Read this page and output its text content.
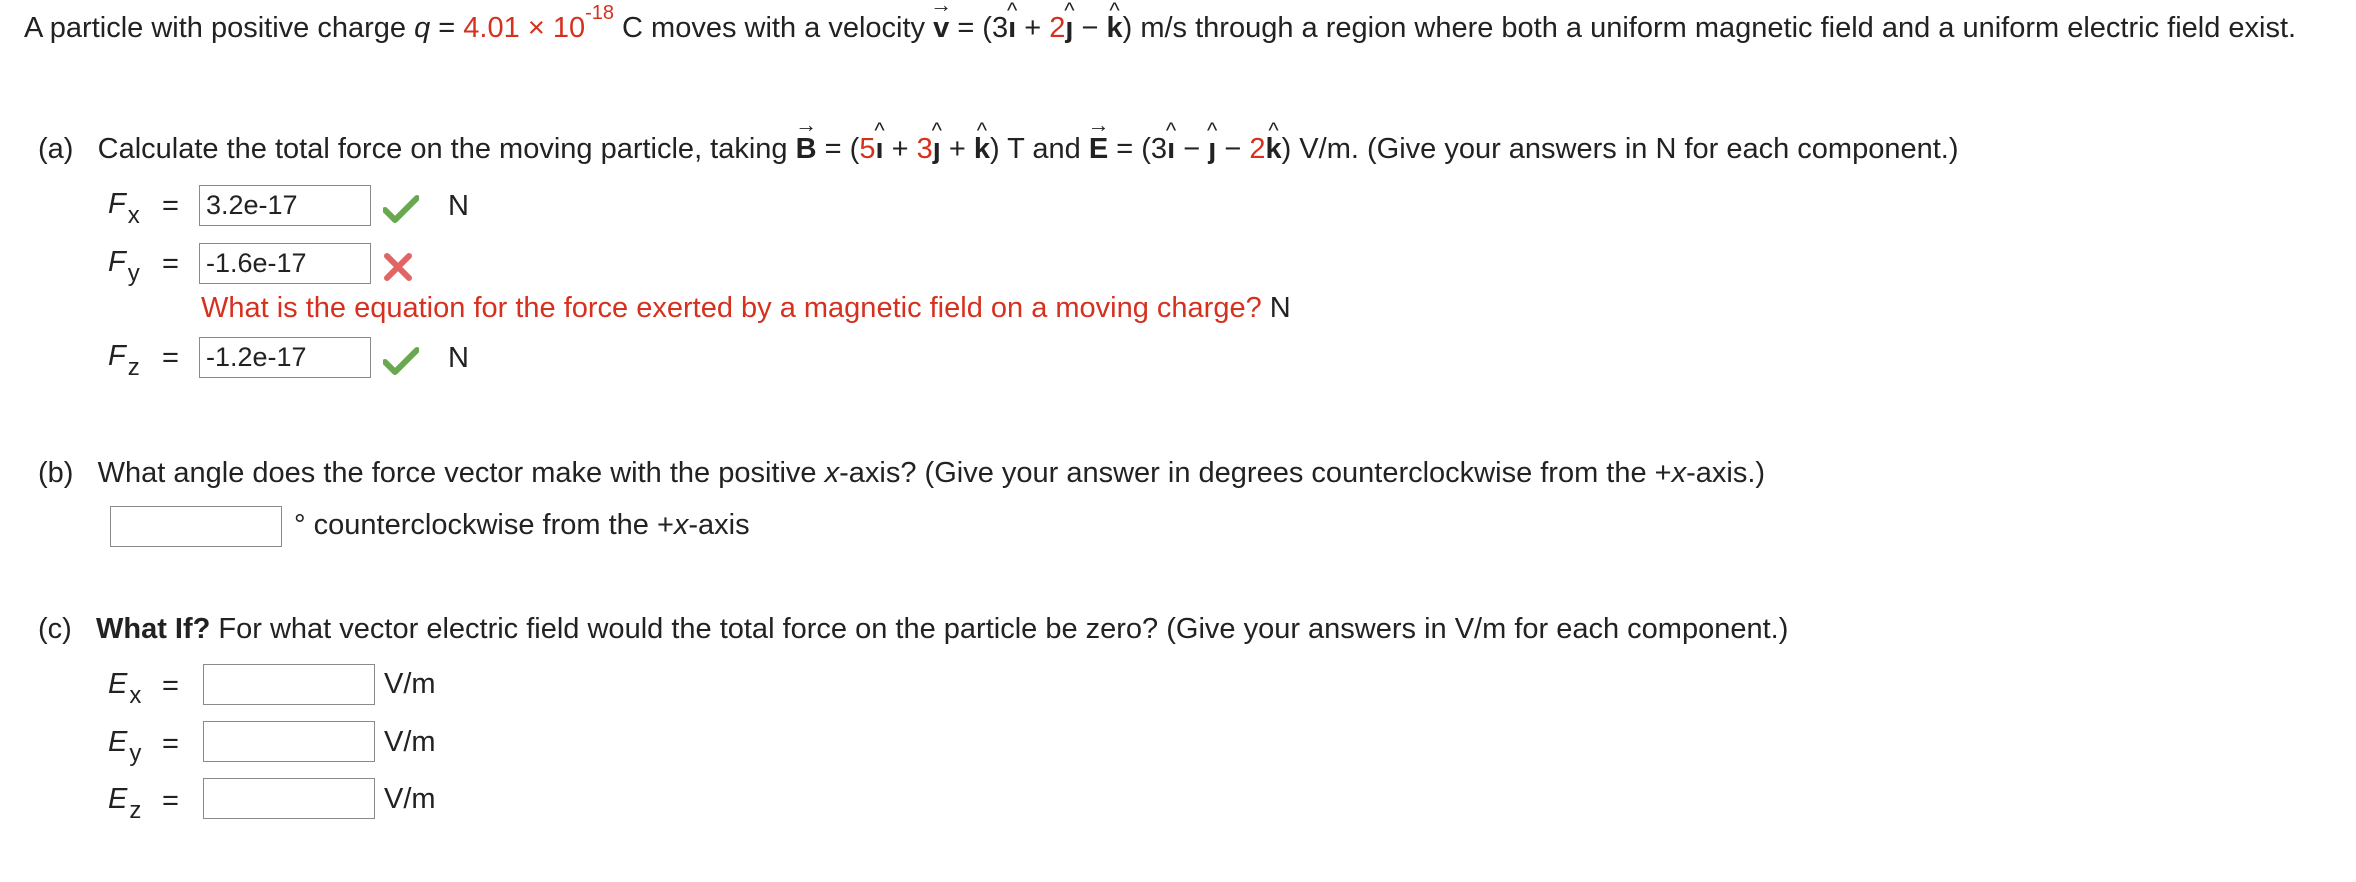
A particle with positive charge $q = 4.01 \times 10^{-18}$ C moves with a velocity → v = (3^ ı + 2^ ȷ − ^ k) m/s through a region where both a uniform magnetic field and a uniform electric field exist.
(a) Calculate the total force on the moving particle, taking → B = (5^ ı + 3^ ȷ + ^ k) T and → E = (3^ ı − ^ ȷ − 2^ k) V/m. (Give your answers in N for each component.)
$F_x$ =
3.2e-17	N
$F_y$ =
-1.6e-17
What is the equation for the force exerted by a magnetic field on a moving charge? N
$F_z$ =
-1.2e-17	N
(b) What angle does the force vector make with the positive x-axis? (Give your answer in degrees counterclockwise from the +x-axis.)
° counterclockwise from the +x-axis
(c) What If? For what vector electric field would the total force on the particle be zero? (Give your answers in V/m for each component.)
$E_x$ =	V/m
$E_y$ =	V/m
$E_z$ =	V/m
